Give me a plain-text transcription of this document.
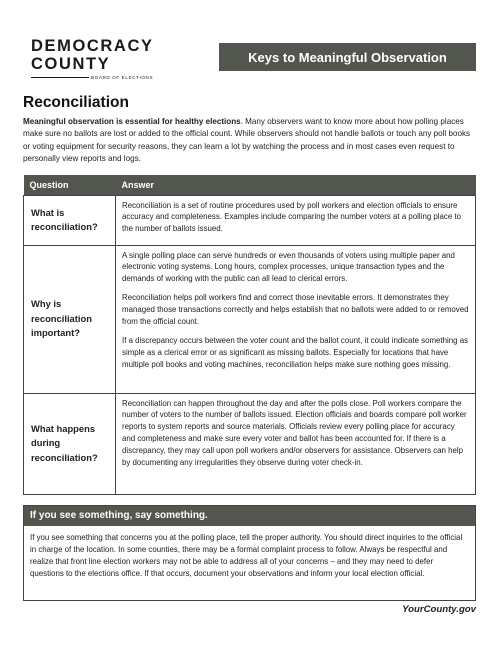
DEMOCRACY
COUNTY
BOARD OF ELECTIONS
Keys to Meaningful Observation
Reconciliation

Meaningful observation is essential for healthy elections. Many observers want to know more about how polling places make sure no ballots are lost or added to the official count. While observers should not handle ballots or touch any poll books or voting equipment for security reasons, they can learn a lot by watching the process and in most cases even request to personally view reports and logs.

Question	Answer
What is reconciliation?	Reconciliation is a set of routine procedures used by poll workers and election officials to ensure accuracy and completeness. Examples include comparing the number voters at a polling place to the number of ballots issued.

Why is reconciliation important?	A single polling place can serve hundreds or even thousands of voters using multiple paper and electronic voting systems. Long hours, complex processes, unique transaction types and the demands of working with the public can all lead to clerical errors.

Reconciliation helps poll workers find and correct those inevitable errors. It demonstrates they managed those transactions correctly and helps establish that no ballots were added to or removed from the official count.

If a discrepancy occurs between the voter count and the ballot count, it could indicate something as simple as a clerical error or as significant as missing ballots. Especially for locations that have multiple poll books and voting machines, reconciliation helps make sure nothing goes missing.

What happens during reconciliation?	Reconciliation can happen throughout the day and after the polls close. Poll workers compare the number of voters to the number of ballots issued. Election officials and boards compare poll worker reports to system reports and source materials. Officials review every polling place for accuracy and completeness and make sure every voter and ballot has been accounted for. If there is a discrepancy, they may call upon poll workers and/or observers for assistance. Observers can help by documenting any irregularities they observe during voter check-in.

If you see something, say something.

If you see something that concerns you at the polling place, tell the proper authority. You should direct inquiries to the official in charge of the location. In some counties, there may be a formal complaint process to follow. Always be respectful and realize that front line election workers may not be able to address all of your concerns – and they may need to defer questions to the elections office. If that occurs, document your observations and inform your local election official.

YourCounty.gov
